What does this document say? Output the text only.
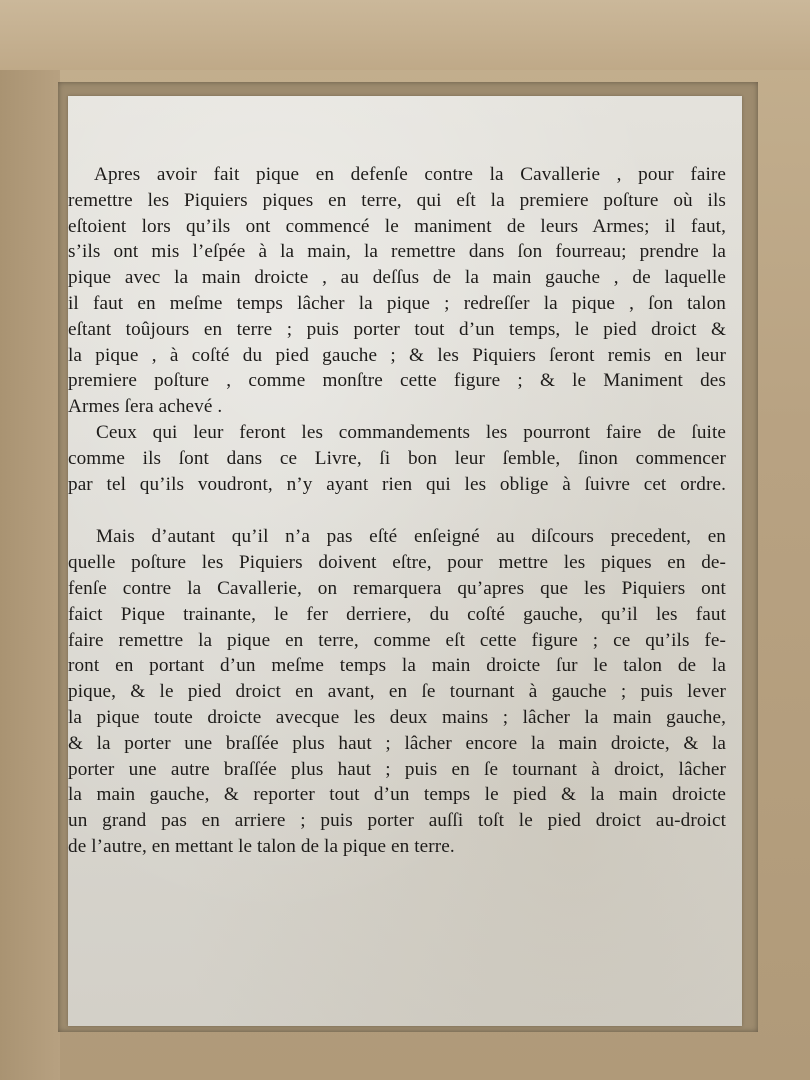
Apres avoir fait pique en defenſe contre la Cavallerie , pour faire
remettre les Piquiers piques en terre, qui eſt la premiere poſture où ils
eſtoient lors qu’ils ont commencé le maniment de leurs Armes; il faut,
s’ils ont mis l’eſpée à la main, la remettre dans ſon fourreau; prendre la
pique avec la main droicte , au deſſus de la main gauche , de laquelle
il faut en meſme temps lâcher la pique ; redreſſer la pique , ſon talon
eſtant toûjours en terre ; puis porter tout d’un temps, le pied droict &
la pique , à coſté du pied gauche ; & les Piquiers ſeront remis en leur
premiere poſture , comme monſtre cette figure ; & le Maniment des
Armes ſera achevé .
Ceux qui leur feront les commandements les pourront faire de ſuite
comme ils ſont dans ce Livre, ſi bon leur ſemble, ſinon commencer
par tel qu’ils voudront, n’y ayant rien qui les oblige à ſuivre cet ordre.
Mais d’autant qu’il n’a pas eſté enſeigné au diſcours precedent, en
quelle poſture les Piquiers doivent eſtre, pour mettre les piques en de-
fenſe contre la Cavallerie, on remarquera qu’apres que les Piquiers ont
faict Pique trainante, le fer derriere, du coſté gauche, qu’il les faut
faire remettre la pique en terre, comme eſt cette figure ; ce qu’ils fe-
ront en portant d’un meſme temps la main droicte ſur le talon de la
pique, & le pied droict en avant, en ſe tournant à gauche ; puis lever
la pique toute droicte avecque les deux mains ; lâcher la main gauche,
& la porter une braſſée plus haut ; lâcher encore la main droicte, & la
porter une autre braſſée plus haut ; puis en ſe tournant à droict, lâcher
la main gauche, & reporter tout d’un temps le pied & la main droicte
un grand pas en arriere ; puis porter auſſi toſt le pied droict au-droict
de l’autre, en mettant le talon de la pique en terre.
